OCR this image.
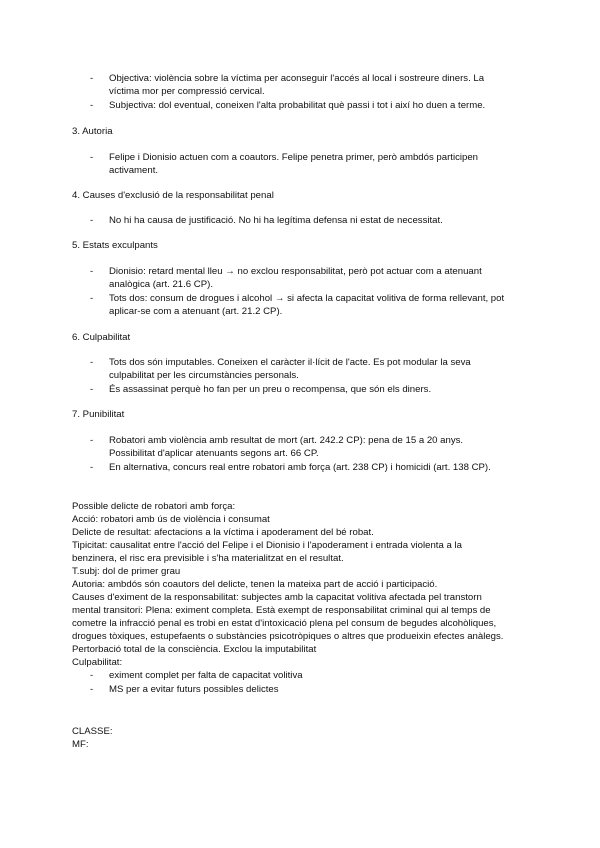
- Objectiva: violència sobre la víctima per aconseguir l'accés al local i sostreure diners. La
víctima mor per compressió cervical.
- Subjectiva: dol eventual, coneixen l'alta probabilitat què passi i tot i així ho duen a terme.
3. Autoria
- Felipe i Dionisio actuen com a coautors. Felipe penetra primer, però ambdós participen
activament.
4. Causes d'exclusió de la responsabilitat penal
- No hi ha causa de justificació. No hi ha legítima defensa ni estat de necessitat.
5. Estats exculpants
- Dionisio: retard mental lleu → no exclou responsabilitat, però pot actuar com a atenuant
analògica (art. 21.6 CP).
- Tots dos: consum de drogues i alcohol → si afecta la capacitat volitiva de forma rellevant, pot
aplicar-se com a atenuant (art. 21.2 CP).
6. Culpabilitat
- Tots dos són imputables. Coneixen el caràcter il·lícit de l'acte. Es pot modular la seva
culpabilitat per les circumstàncies personals.
- És assassinat perquè ho fan per un preu o recompensa, que són els diners.
7. Punibilitat
- Robatori amb violència amb resultat de mort (art. 242.2 CP): pena de 15 a 20 anys.
Possibilitat d'aplicar atenuants segons art. 66 CP.
- En alternativa, concurs real entre robatori amb força (art. 238 CP) i homicidi (art. 138 CP).
Possible delicte de robatori amb força:
Acció: robatori amb ús de violència i consumat
Delicte de resultat: afectacions a la víctima i apoderament del bé robat.
Tipicitat: causalitat entre l'acció del Felipe i el Dionisio i l'apoderament i entrada violenta a la
benzinera, el risc era previsible i s'ha materialitzat en el resultat.
T.subj: dol de primer grau
Autoria: ambdós són coautors del delicte, tenen la mateixa part de acció i participació.
Causes d'eximent de la responsabilitat: subjectes amb la capacitat volitiva afectada pel transtorn
mental transitori: Plena: eximent completa. Està exempt de responsabilitat criminal qui al temps de
cometre la infracció penal es trobi en estat d'intoxicació plena pel consum de begudes alcohòliques,
drogues tòxiques, estupefaents o substàncies psicotròpiques o altres que produeixin efectes anàlegs.
Pertorbació total de la consciència. Exclou la imputabilitat
Culpabilitat:
- eximent complet per falta de capacitat volitiva
- MS per a evitar futurs possibles delictes
CLASSE:
MF:
